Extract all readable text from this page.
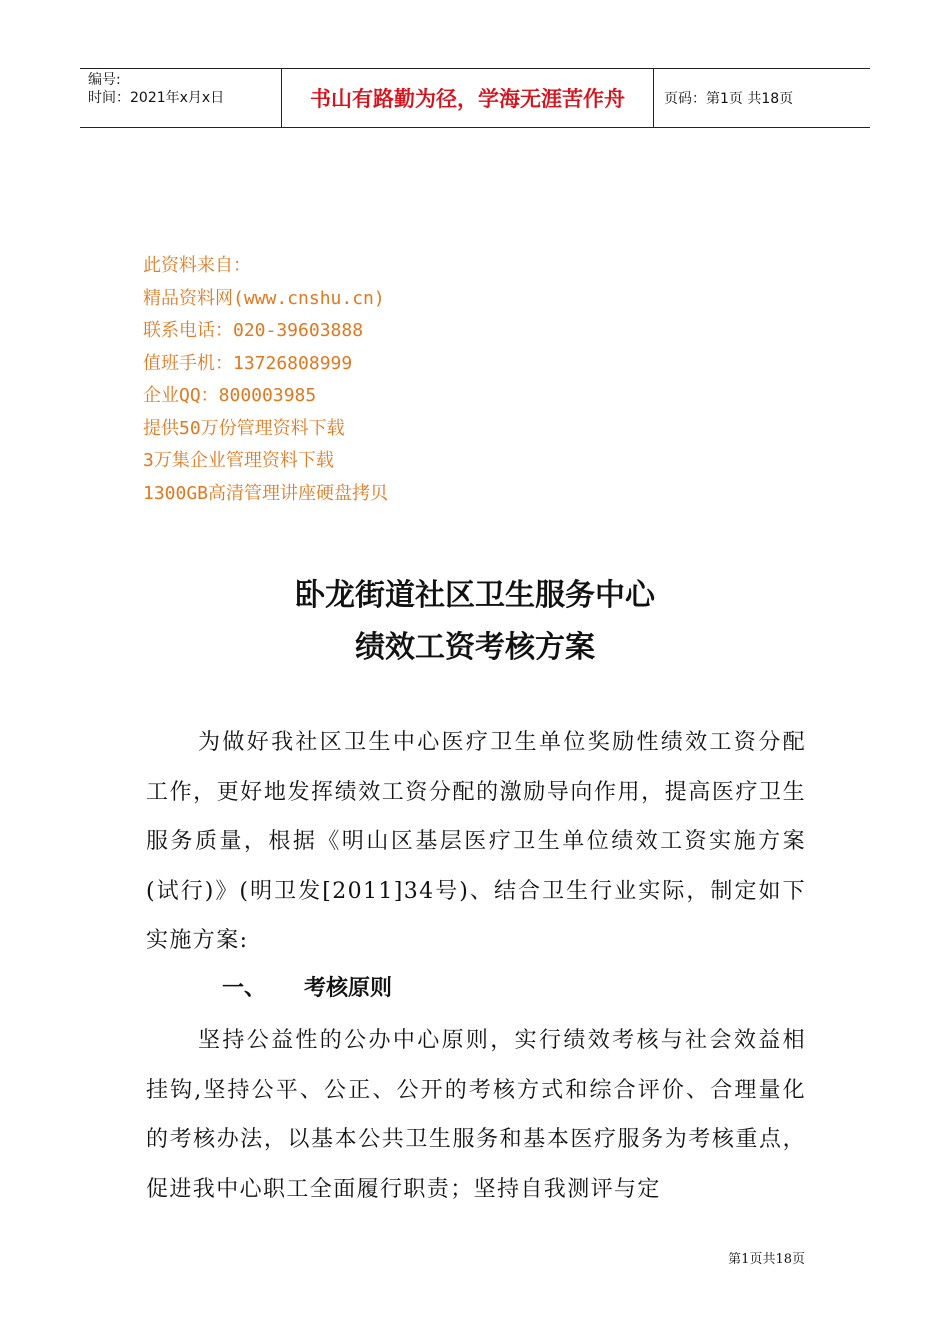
编号:
时间：2021年x月x日	书山有路勤为径，学海无涯苦作舟	页码：第1页 共18页
此资料来自：
精品资料网(www.cnshu.cn)
联系电话：020-39603888
值班手机：13726808999
企业QQ：800003985
提供50万份管理资料下载
3万集企业管理资料下载
1300GB高清管理讲座硬盘拷贝
卧龙街道社区卫生服务中心
绩效工资考核方案
为做好我社区卫生中心医疗卫生单位奖励性绩效工资分配工作，更好地发挥绩效工资分配的激励导向作用，提高医疗卫生服务质量，根据《明山区基层医疗卫生单位绩效工资实施方案(试行)》(明卫发[2011]34号)、结合卫生行业实际，制定如下实施方案:
一、 考核原则
坚持公益性的公办中心原则，实行绩效考核与社会效益相挂钩,坚持公平、公正、公开的考核方式和综合评价、合理量化的考核办法，以基本公共卫生服务和基本医疗服务为考核重点，促进我中心职工全面履行职责；坚持自我测评与定
第1页共18页
